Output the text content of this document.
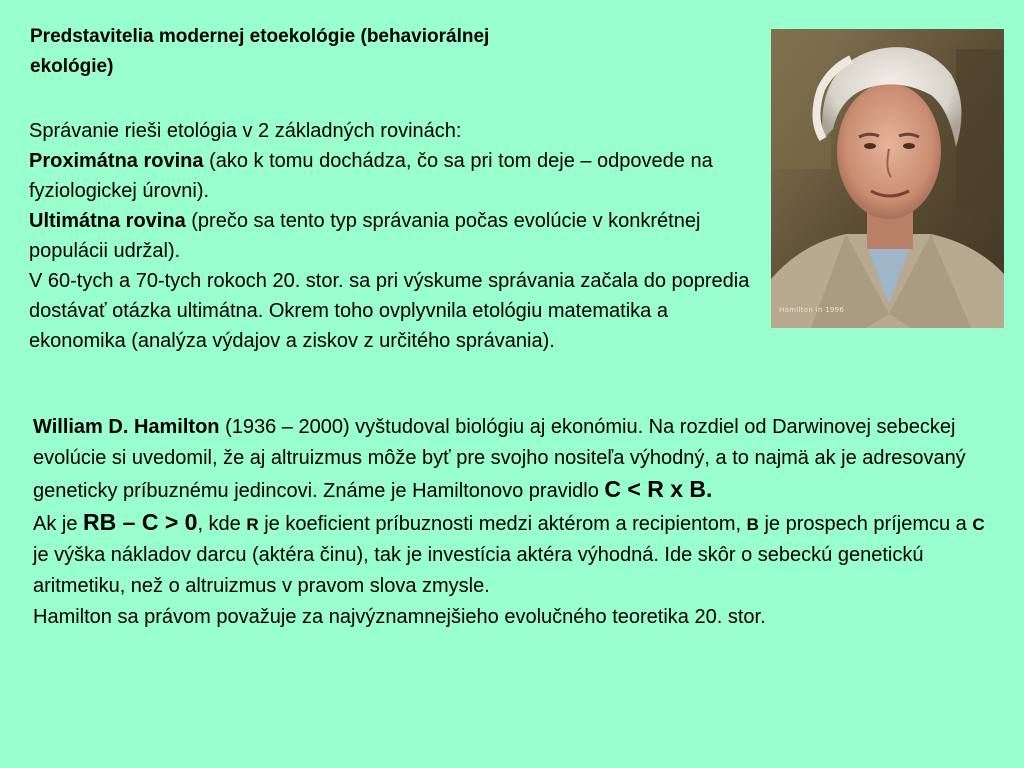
Predstavitelia modernej etoekológie (behaviorálnej
ekológie)

Správanie rieši etológia v 2 základných rovinách:

Proximátna rovina (ako k tomu dochádza, čo sa pri tom deje – odpovede na fyziologickej úrovni).

Ultimátna rovina (prečo sa tento typ správania počas evolúcie v konkrétnej populácii udržal).

V 60-tych a 70-tych rokoch 20. stor. sa pri výskume správania začala do popredia dostávať otázka ultimátna. Okrem toho ovplyvnila etológiu matematika a ekonomika (analýza výdajov a ziskov z určitého správania).

Hamilton in 1996

William D. Hamilton (1936 – 2000) vyštudoval biológiu aj ekonómiu. Na rozdiel od Darwinovej sebeckej evolúcie si uvedomil, že aj altruizmus môže byť pre svojho nositeľa výhodný, a to najmä ak je adresovaný geneticky príbuznému jedincovi. Známe je Hamiltonovo pravidlo C < R x B.

Ak je RB – C > 0, kde R je koeficient príbuznosti medzi aktérom a recipientom, B je prospech príjemcu a C je výška nákladov darcu (aktéra činu), tak je investícia aktéra výhodná. Ide skôr o sebeckú genetickú aritmetiku, než o altruizmus v pravom slova zmysle.

Hamilton sa právom považuje za najvýznamnejšieho evolučného teoretika 20. stor.
